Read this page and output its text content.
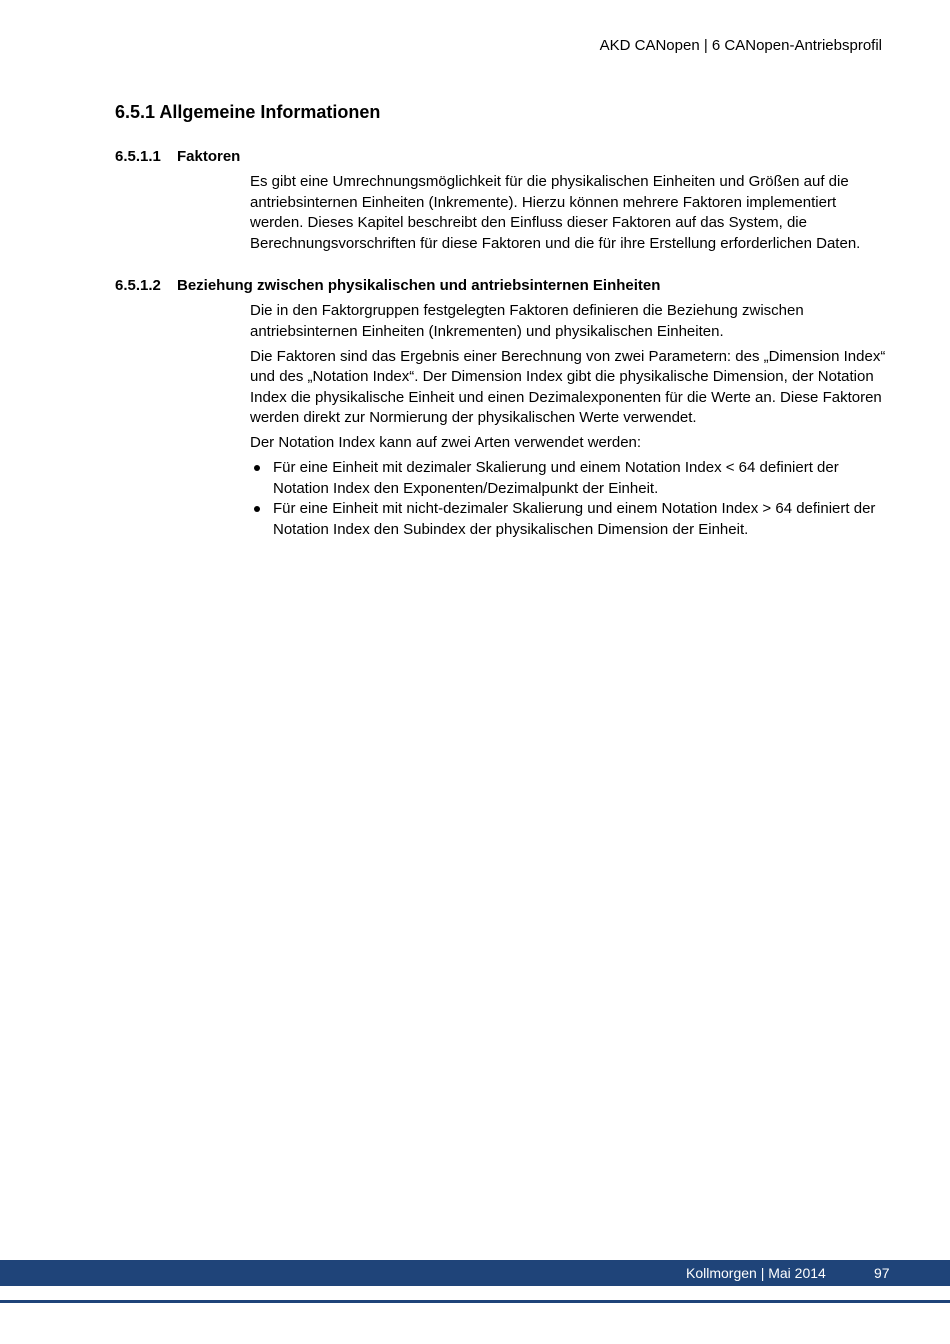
AKD CANopen | 6 CANopen-Antriebsprofil
6.5.1 Allgemeine Informationen
6.5.1.1 Faktoren

Es gibt eine Umrechnungsmöglichkeit für die physikalischen Einheiten und Größen auf die antriebsinternen Einheiten (Inkremente). Hierzu können mehrere Faktoren implementiert werden. Dieses Kapitel beschreibt den Einfluss dieser Faktoren auf das System, die Berechnungsvorschriften für diese Faktoren und die für ihre Erstellung erforderlichen Daten.

6.5.1.2 Beziehung zwischen physikalischen und antriebsinternen Einheiten

Die in den Faktorgruppen festgelegten Faktoren definieren die Beziehung zwischen antriebsinternen Einheiten (Inkrementen) und physikalischen Einheiten.

Die Faktoren sind das Ergebnis einer Berechnung von zwei Parametern: des „Dimension Index“ und des „Notation Index“. Der Dimension Index gibt die physikalische Dimension, der Notation Index die physikalische Einheit und einen Dezimalexponenten für die Werte an. Diese Faktoren werden direkt zur Normierung der physikalischen Werte verwendet.

Der Notation Index kann auf zwei Arten verwendet werden:

Für eine Einheit mit dezimaler Skalierung und einem Notation Index < 64 definiert der Notation Index den Exponenten/Dezimalpunkt der Einheit.
Für eine Einheit mit nicht-dezimaler Skalierung und einem Notation Index > 64 definiert der Notation Index den Subindex der physikalischen Dimension der Einheit.
Kollmorgen | Mai 2014	97
